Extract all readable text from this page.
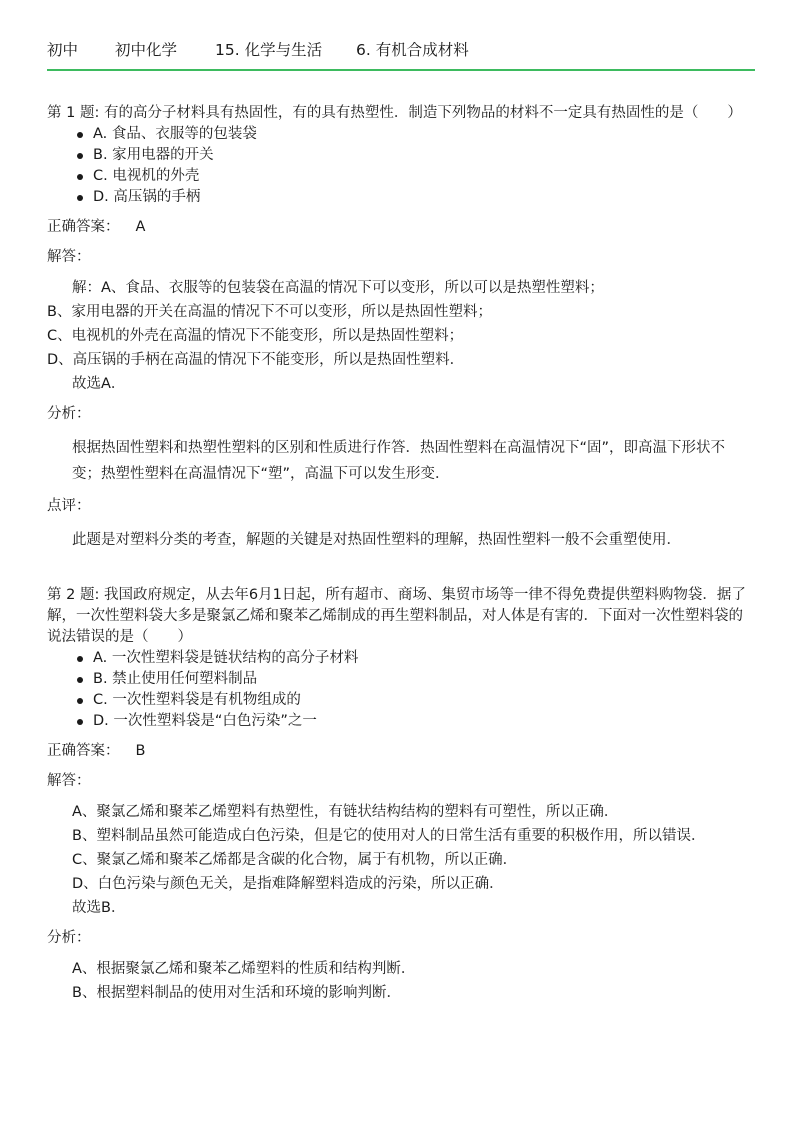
初中 初中化学 15. 化学与生活 6. 有机合成材料
第 1 题: 有的高分子材料具有热固性，有的具有热塑性．制造下列物品的材料不一定具有热固性的是（　　）
A. 食品、衣服等的包装袋
B. 家用电器的开关
C. 电视机的外壳
D. 高压锅的手柄
正确答案： A
解答：

解：A、食品、衣服等的包装袋在高温的情况下可以变形，所以可以是热塑性塑料；

B、家用电器的开关在高温的情况下不可以变形，所以是热固性塑料；

C、电视机的外壳在高温的情况下不能变形，所以是热固性塑料；

D、高压锅的手柄在高温的情况下不能变形，所以是热固性塑料．

故选A．

分析：

根据热固性塑料和热塑性塑料的区别和性质进行作答．热固性塑料在高温情况下“固”，即高温下形状不变；热塑性塑料在高温情况下“塑”，高温下可以发生形变．

点评：

此题是对塑料分类的考查，解题的关键是对热固性塑料的理解，热固性塑料一般不会重塑使用．

第 2 题: 我国政府规定，从去年6月1日起，所有超市、商场、集贸市场等一律不得免费提供塑料购物袋．据了解，一次性塑料袋大多是聚氯乙烯和聚苯乙烯制成的再生塑料制品，对人体是有害的．下面对一次性塑料袋的说法错误的是（　　）
A. 一次性塑料袋是链状结构的高分子材料
B. 禁止使用任何塑料制品
C. 一次性塑料袋是有机物组成的
D. 一次性塑料袋是“白色污染”之一
正确答案： B
解答：

A、聚氯乙烯和聚苯乙烯塑料有热塑性，有链状结构结构的塑料有可塑性，所以正确．

B、塑料制品虽然可能造成白色污染，但是它的使用对人的日常生活有重要的积极作用，所以错误．

C、聚氯乙烯和聚苯乙烯都是含碳的化合物，属于有机物，所以正确．

D、白色污染与颜色无关，是指难降解塑料造成的污染，所以正确．

故选B．

分析：

A、根据聚氯乙烯和聚苯乙烯塑料的性质和结构判断．

B、根据塑料制品的使用对生活和环境的影响判断．
